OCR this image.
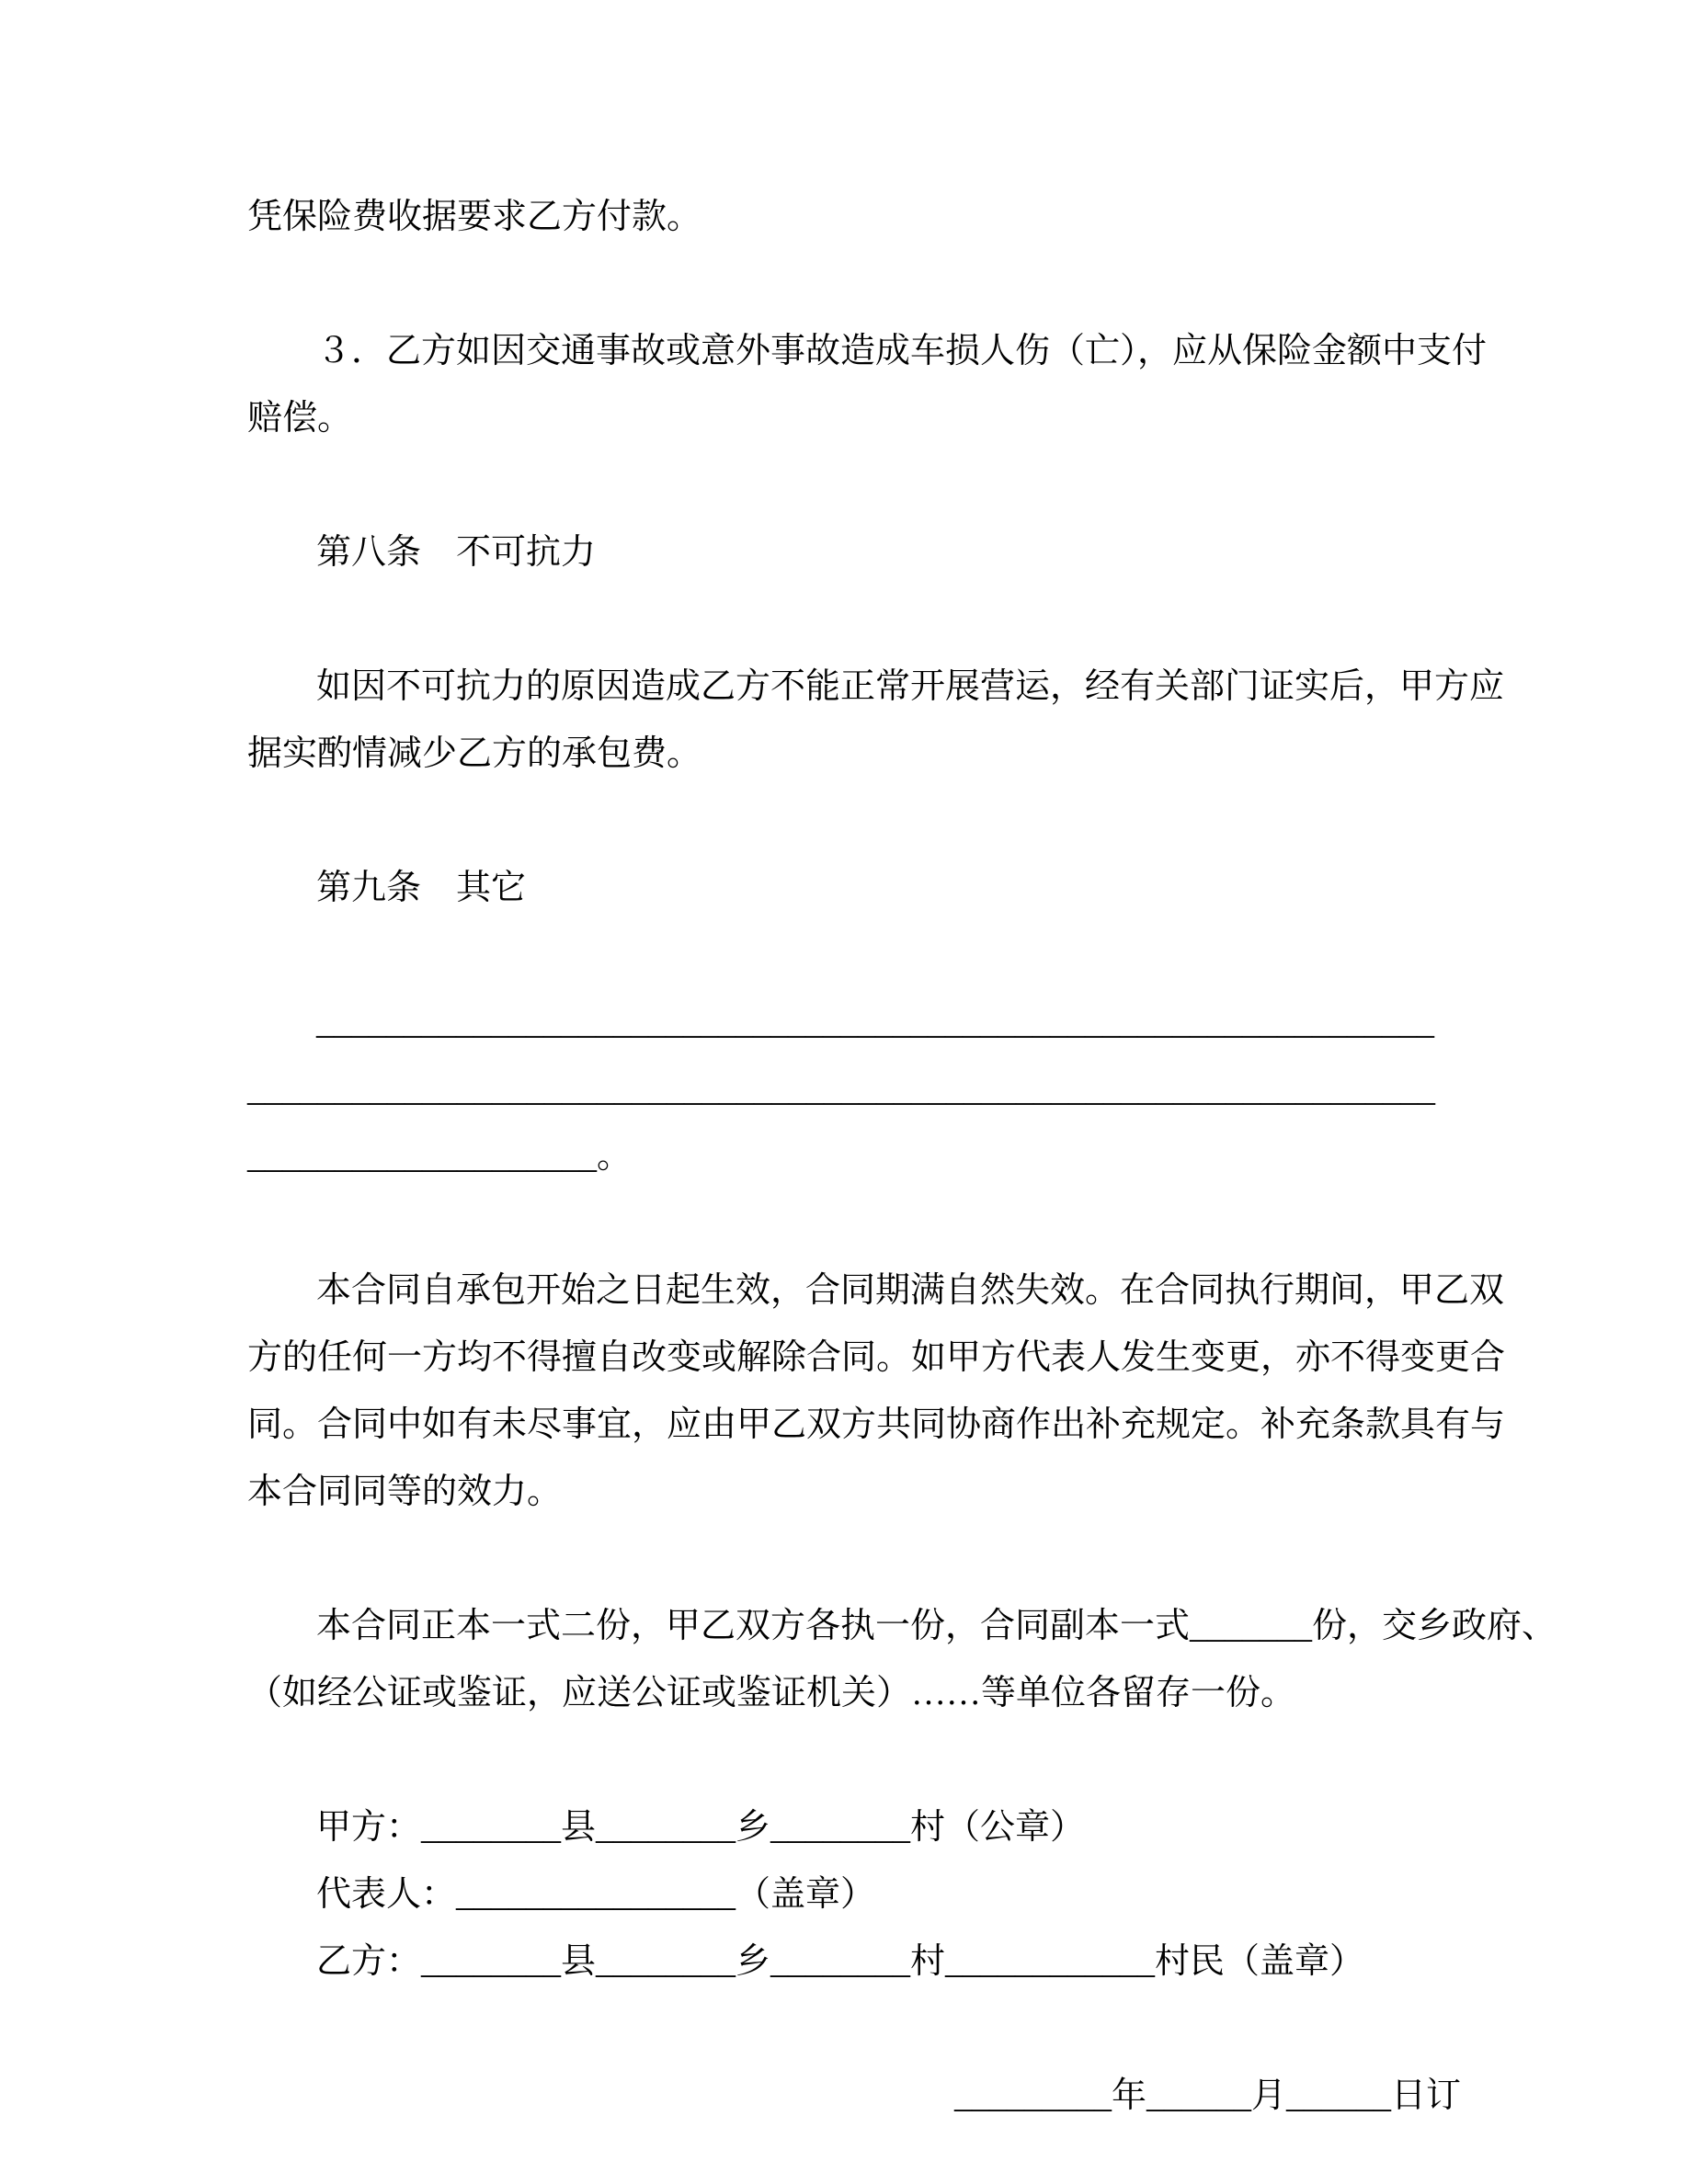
凭保险费收据要求乙方付款。

３．乙方如因交通事故或意外事故造成车损人伤（亡），应从保险金额中支付

赔偿。

第八条　不可抗力

如因不可抗力的原因造成乙方不能正常开展营运，经有关部门证实后，甲方应

据实酌情减少乙方的承包费。

第九条　其它

________________________________________________________________

____________________________________________________________________

____________________。

本合同自承包开始之日起生效，合同期满自然失效。在合同执行期间，甲乙双

方的任何一方均不得擅自改变或解除合同。如甲方代表人发生变更，亦不得变更合

同。合同中如有未尽事宜，应由甲乙双方共同协商作出补充规定。补充条款具有与

本合同同等的效力。

本合同正本一式二份，甲乙双方各执一份，合同副本一式_______份，交乡政府、

（如经公证或鉴证，应送公证或鉴证机关）……等单位各留存一份。

甲方：________县________乡________村（公章）

代表人：________________（盖章）

乙方：________县________乡________村____________村民（盖章）

_________年______月______日订
